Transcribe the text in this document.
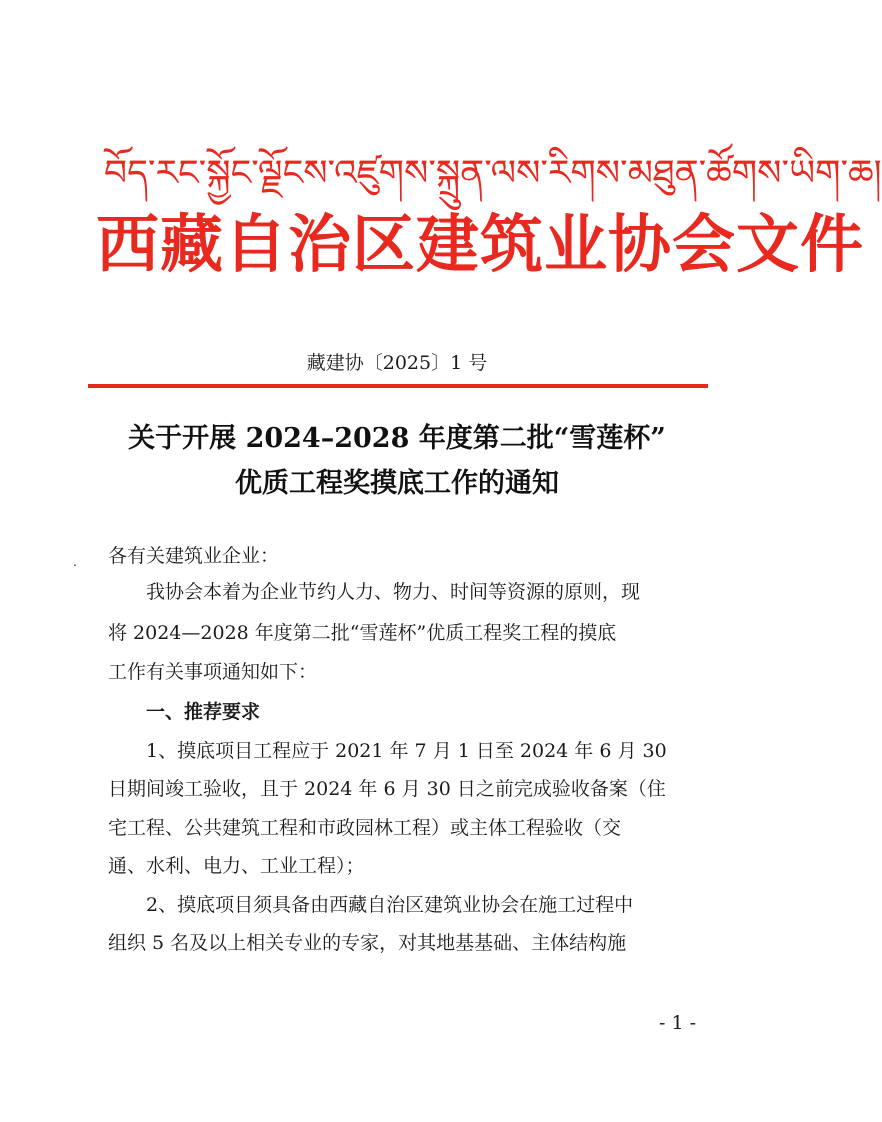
བོད་རང་སྐྱོང་ལྗོངས་འཛུགས་སྐྲུན་ལས་རིགས་མཐུན་ཚོགས་ཡིག་ཆ།
西藏自治区建筑业协会文件
藏建协〔2025〕1 号
关于开展 2024–2028 年度第二批“雪莲杯”
优质工程奖摸底工作的通知
. 各有关建筑业企业：
　　我协会本着为企业节约人力、物力、时间等资源的原则，现
将 2024—2028 年度第二批“雪莲杯”优质工程奖工程的摸底
工作有关事项通知如下：
　　一、推荐要求
　　1、摸底项目工程应于 2021 年 7 月 1 日至 2024 年 6 月 30
日期间竣工验收，且于 2024 年 6 月 30 日之前完成验收备案（住
宅工程、公共建筑工程和市政园林工程）或主体工程验收（交
通、水利、电力、工业工程）；
　　2、摸底项目须具备由西藏自治区建筑业协会在施工过程中
组织 5 名及以上相关专业的专家，对其地基基础、主体结构施
- 1 -
